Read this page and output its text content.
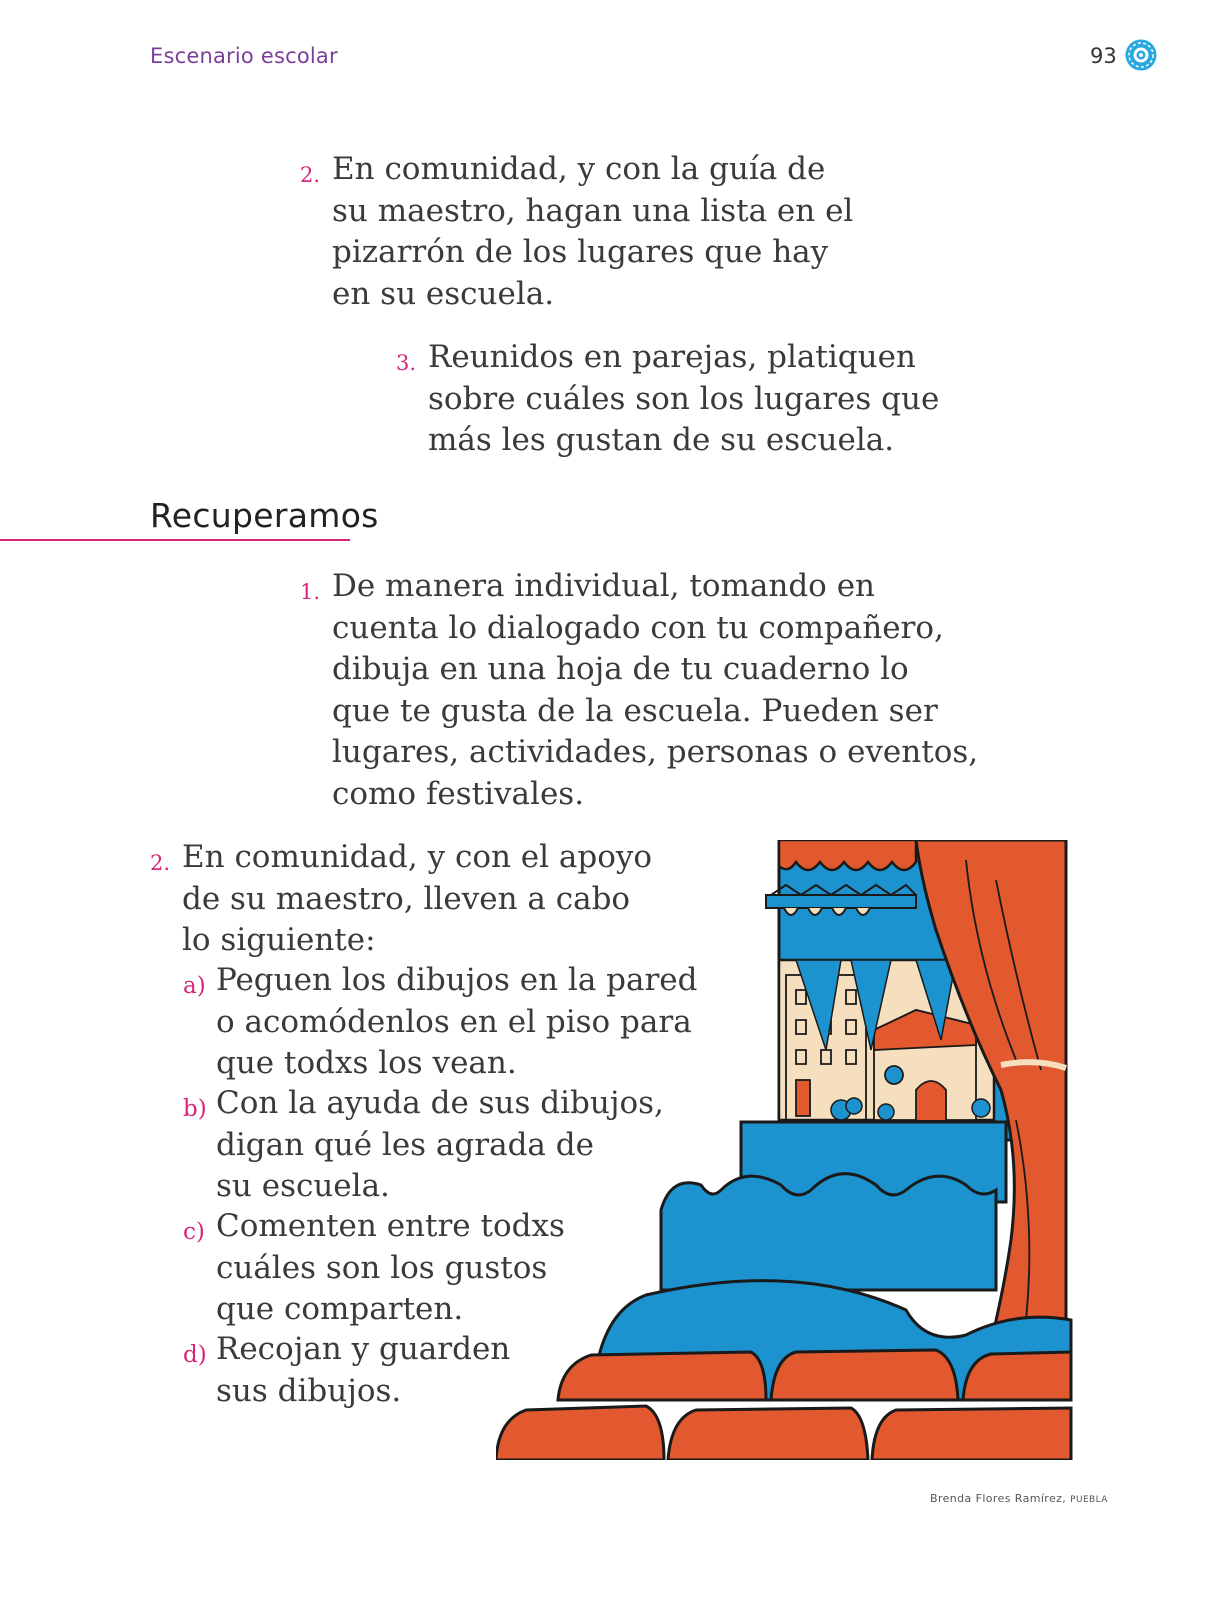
Escenario escolar	93
2. En comunidad, y con la guía de
su maestro, hagan una lista en el
pizarrón de los lugares que hay
en su escuela.
3. Reunidos en parejas, platiquen
sobre cuáles son los lugares que
más les gustan de su escuela.
Recuperamos
1. De manera individual, tomando en
cuenta lo dialogado con tu compañero,
dibuja en una hoja de tu cuaderno lo
que te gusta de la escuela. Pueden ser
lugares, actividades, personas o eventos,
como festivales.
2. En comunidad, y con el apoyo
de su maestro, lleven a cabo
lo siguiente:
a) Peguen los dibujos en la pared
o acomódenlos en el piso para
que todxs los vean.
b) Con la ayuda de sus dibujos,
digan qué les agrada de
su escuela.
c) Comenten entre todxs
cuáles son los gustos
que comparten.
d) Recojan y guarden
sus dibujos.
Brenda Flores Ramírez, PUEBLA
